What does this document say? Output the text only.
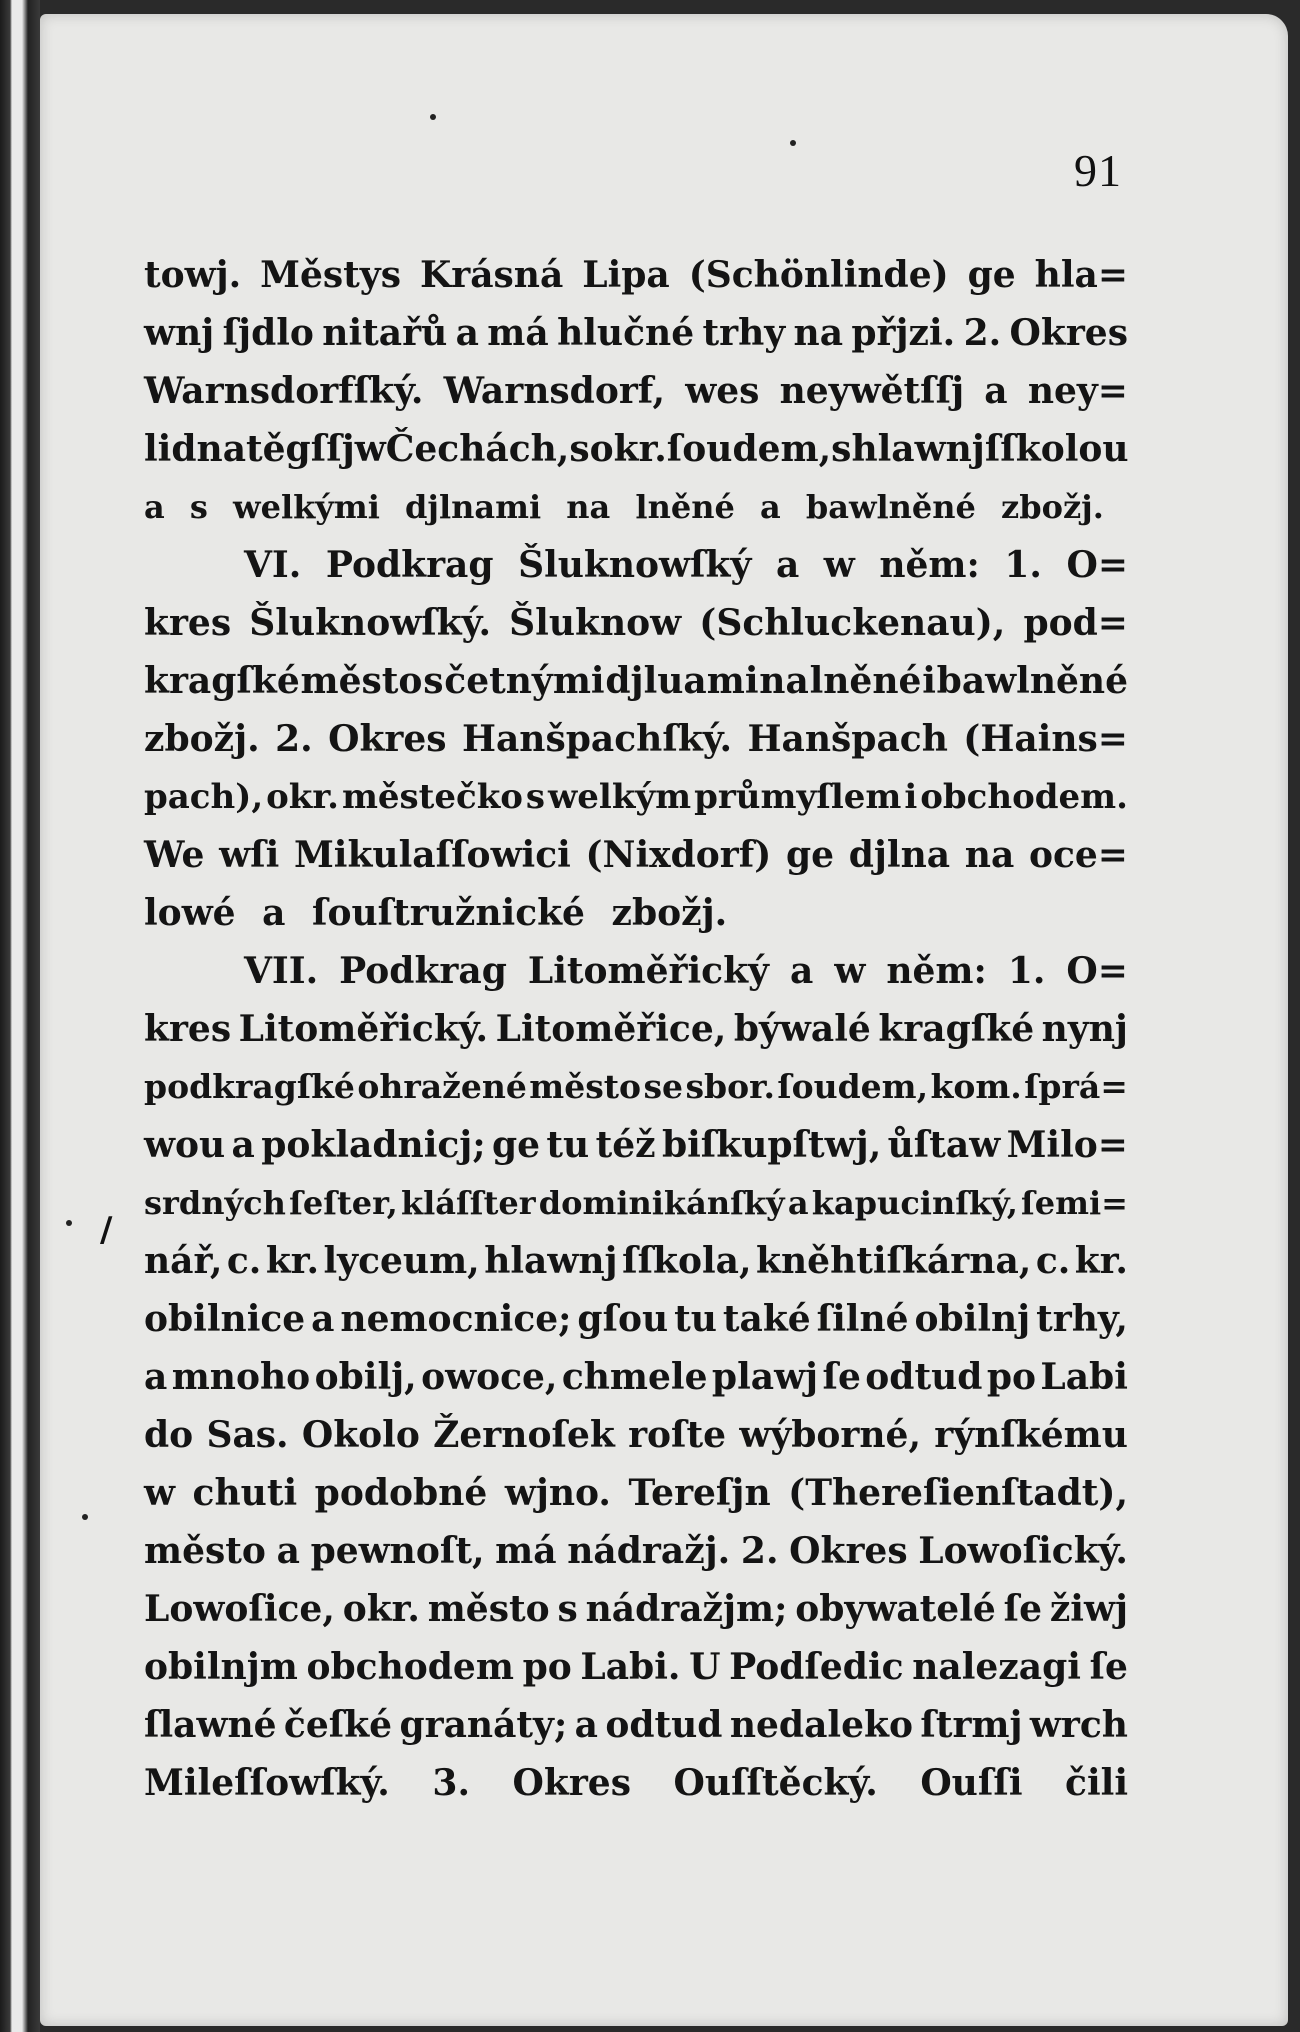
91
/
towj. Městys Krásná Lipa (Schönlinde) ge hla=
wnj ſjdlo nitařů a má hlučné trhy na přjzi. 2. Okres
Warnsdorfſký. Warnsdorf, wes neywětſſj a ney=
lidnatěgſſj w Čechách, s okr. ſoudem, s hlawnj ſſkolou
a s welkými djlnami na lněné a bawlněné zbožj.
VI. Podkrag Šluknowſký a w něm: 1. O=
kres Šluknowſký. Šluknow (Schluckenau), pod=
kragſké město s četnými djluami na lněné i bawlněné
zbožj. 2. Okres Hanšpachſký. Hanšpach (Hains=
pach), okr. městečko s welkým průmyſlem i obchodem.
We wſi Mikulaſſowici (Nixdorf) ge djlna na oce=
lowé a ſouſtružnické zbožj.
VII. Podkrag Litoměřický a w něm: 1. O=
kres Litoměřický. Litoměřice, býwalé kragſké nynj
podkragſké ohražené město se sbor. ſoudem, kom. ſprá=
wou a pokladnicj; ge tu též biſkupſtwj, ůſtaw Milo=
srdných ſeſter, kláſſter dominikánſký a kapucinſký, ſemi=
nář, c. kr. lyceum, hlawnj ſſkola, kněhtiſkárna, c. kr.
obilnice a nemocnice; gſou tu také ſilné obilnj trhy,
a mnoho obilj, owoce, chmele plawj ſe odtud po Labi
do Sas. Okolo Žernoſek roſte wýborné, rýnſkému
w chuti podobné wjno. Tereſjn (Thereſienſtadt),
město a pewnoſt, má nádražj. 2. Okres Lowoſický.
Lowoſice, okr. město s nádražjm; obywatelé ſe žiwj
obilnjm obchodem po Labi. U Podſedic nalezagi ſe
ſlawné čeſké granáty; a odtud nedaleko ſtrmj wrch
Mileſſowſký. 3. Okres Ouſſtěcký. Ouſſi čili
